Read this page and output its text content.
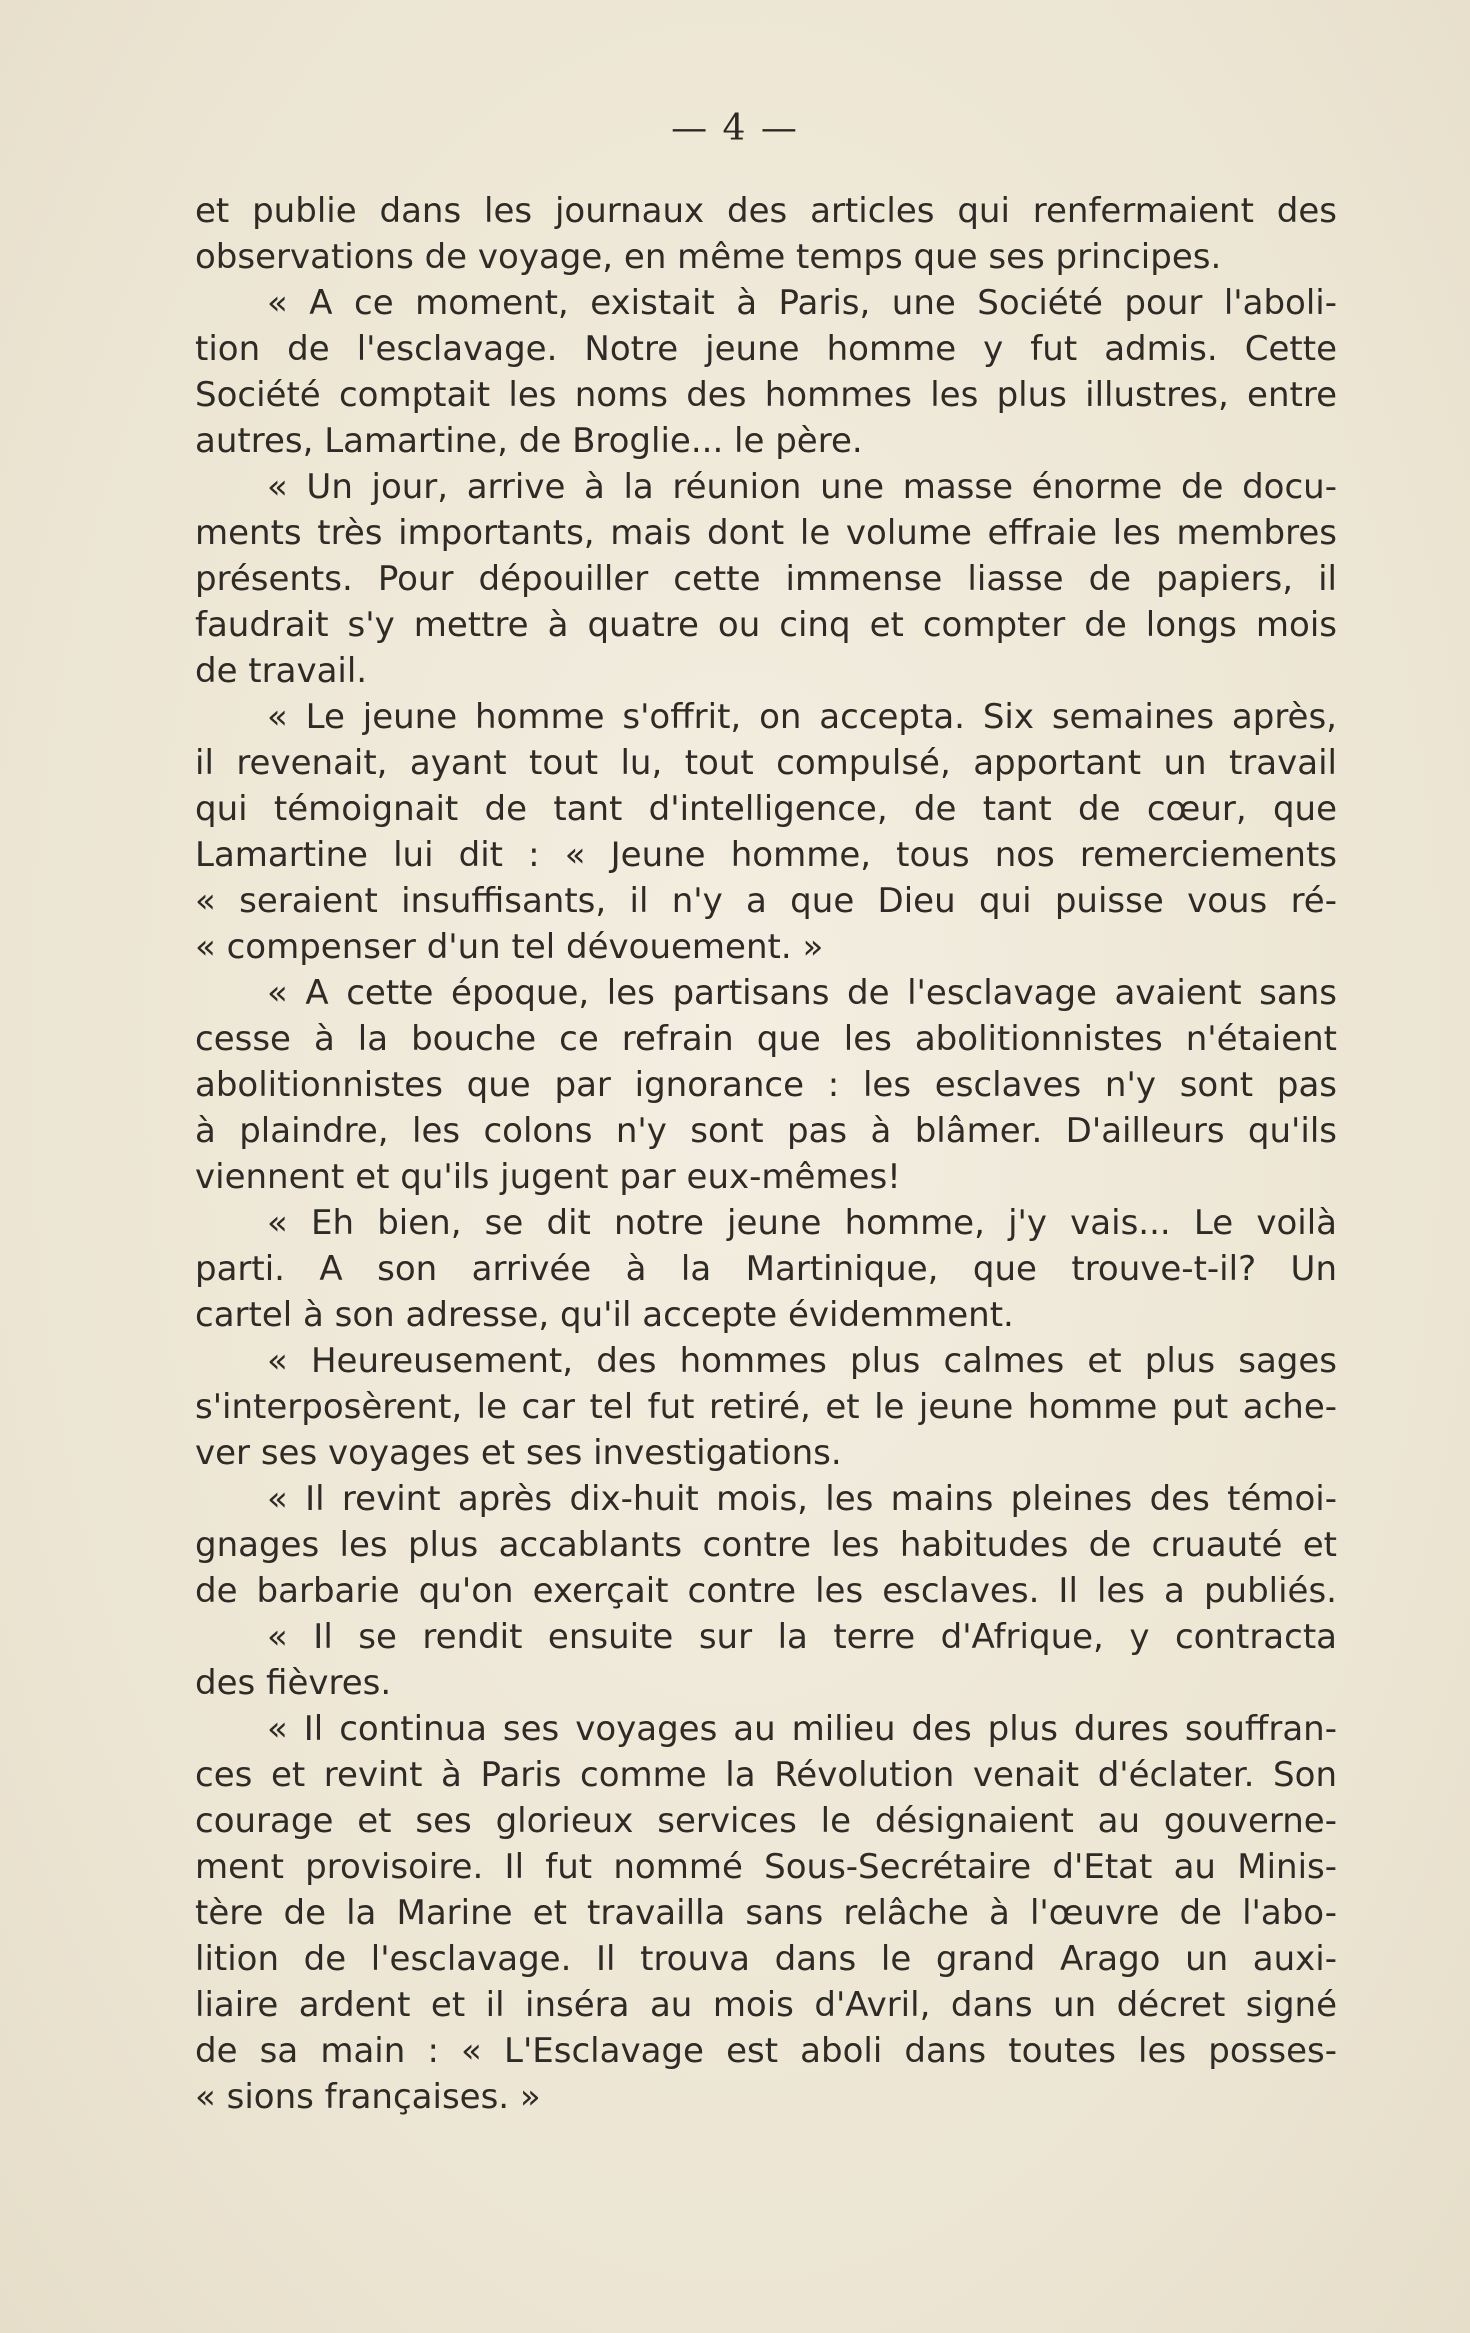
— 4 —
et publie dans les journaux des articles qui renfermaient des
observations de voyage, en même temps que ses principes.
« A ce moment, existait à Paris, une Société pour l'aboli-
tion de l'esclavage. Notre jeune homme y fut admis. Cette
Société comptait les noms des hommes les plus illustres, entre
autres, Lamartine, de Broglie... le père.
« Un jour, arrive à la réunion une masse énorme de docu-
ments très importants, mais dont le volume effraie les membres
présents. Pour dépouiller cette immense liasse de papiers, il
faudrait s'y mettre à quatre ou cinq et compter de longs mois
de travail.
« Le jeune homme s'offrit, on accepta. Six semaines après,
il revenait, ayant tout lu, tout compulsé, apportant un travail
qui témoignait de tant d'intelligence, de tant de cœur, que
Lamartine lui dit : « Jeune homme, tous nos remerciements
« seraient insuffisants, il n'y a que Dieu qui puisse vous ré-
« compenser d'un tel dévouement. »
« A cette époque, les partisans de l'esclavage avaient sans
cesse à la bouche ce refrain que les abolitionnistes n'étaient
abolitionnistes que par ignorance : les esclaves n'y sont pas
à plaindre, les colons n'y sont pas à blâmer. D'ailleurs qu'ils
viennent et qu'ils jugent par eux-mêmes!
« Eh bien, se dit notre jeune homme, j'y vais... Le voilà
parti. A son arrivée à la Martinique, que trouve-t-il? Un
cartel à son adresse, qu'il accepte évidemment.
« Heureusement, des hommes plus calmes et plus sages
s'interposèrent, le car tel fut retiré, et le jeune homme put ache-
ver ses voyages et ses investigations.
« Il revint après dix-huit mois, les mains pleines des témoi-
gnages les plus accablants contre les habitudes de cruauté et
de barbarie qu'on exerçait contre les esclaves. Il les a publiés.
« Il se rendit ensuite sur la terre d'Afrique, y contracta
des fièvres.
« Il continua ses voyages au milieu des plus dures souffran-
ces et revint à Paris comme la Révolution venait d'éclater. Son
courage et ses glorieux services le désignaient au gouverne-
ment provisoire. Il fut nommé Sous-Secrétaire d'Etat au Minis-
tère de la Marine et travailla sans relâche à l'œuvre de l'abo-
lition de l'esclavage. Il trouva dans le grand Arago un auxi-
liaire ardent et il inséra au mois d'Avril, dans un décret signé
de sa main : « L'Esclavage est aboli dans toutes les posses-
« sions françaises. »
